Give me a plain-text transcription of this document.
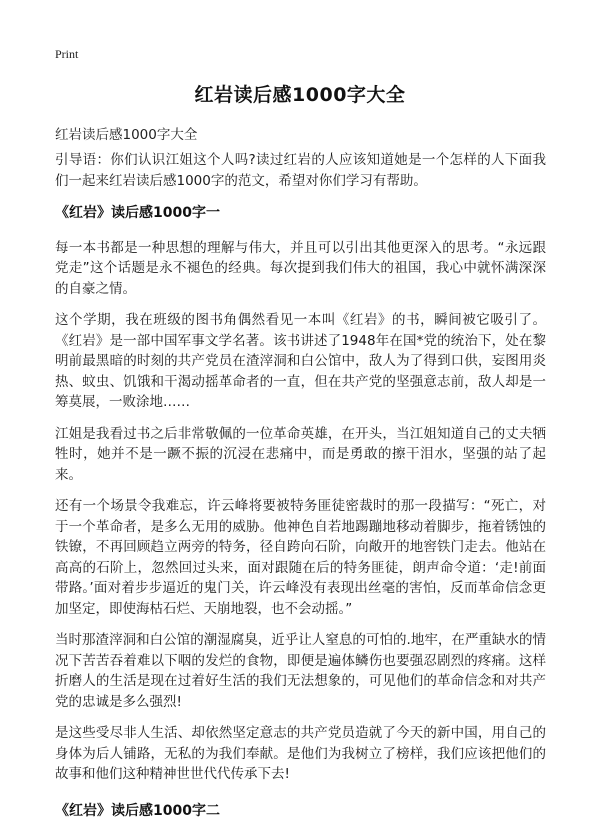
Print
红岩读后感1000字大全
红岩读后感1000字大全

引导语：你们认识江姐这个人吗?读过红岩的人应该知道她是一个怎样的人下面我们一起来红岩读后感1000字的范文，希望对你们学习有帮助。

《红岩》读后感1000字一

每一本书都是一种思想的理解与伟大，并且可以引出其他更深入的思考。“永远跟党走”这个话题是永不褪色的经典。每次提到我们伟大的祖国，我心中就怀满深深的自豪之情。

这个学期，我在班级的图书角偶然看见一本叫《红岩》的书，瞬间被它吸引了。《红岩》是一部中国军事文学名著。该书讲述了1948年在国*党的统治下，处在黎明前最黑暗的时刻的共产党员在渣滓洞和白公馆中，敌人为了得到口供，妄图用炎热、蚊虫、饥饿和干渴动摇革命者的一直，但在共产党的坚强意志前，敌人却是一筹莫展，一败涂地……

江姐是我看过书之后非常敬佩的一位革命英雄，在开头，当江姐知道自己的丈夫牺牲时，她并不是一蹶不振的沉浸在悲痛中，而是勇敢的擦干泪水，坚强的站了起来。

还有一个场景令我难忘，许云峰将要被特务匪徒密裁时的那一段描写：“死亡，对于一个革命者，是多么无用的威胁。他神色自若地踢蹦地移动着脚步，拖着锈蚀的铁镣，不再回顾趋立两旁的特务，径自跨向石阶，向敞开的地窖铁门走去。他站在高高的石阶上，忽然回过头来，面对跟随在后的特务匪徒，朗声命令道：‘走!前面带路。’面对着步步逼近的鬼门关，许云峰没有表现出丝毫的害怕，反而革命信念更加坚定，即使海枯石烂、天崩地裂，也不会动摇。”

当时那渣滓洞和白公馆的潮湿腐臭，近乎让人窒息的可怕的.地牢，在严重缺水的情况下苦苦吞着难以下咽的发烂的食物，即便是遍体鳞伤也要强忍剧烈的疼痛。这样折磨人的生活是现在过着好生活的我们无法想象的，可见他们的革命信念和对共产党的忠诚是多么强烈!

是这些受尽非人生活、却依然坚定意志的共产党员造就了今天的新中国，用自己的身体为后人铺路，无私的为我们奉献。是他们为我树立了榜样，我们应该把他们的故事和他们这种精神世世代代传承下去!

《红岩》读后感1000字二
